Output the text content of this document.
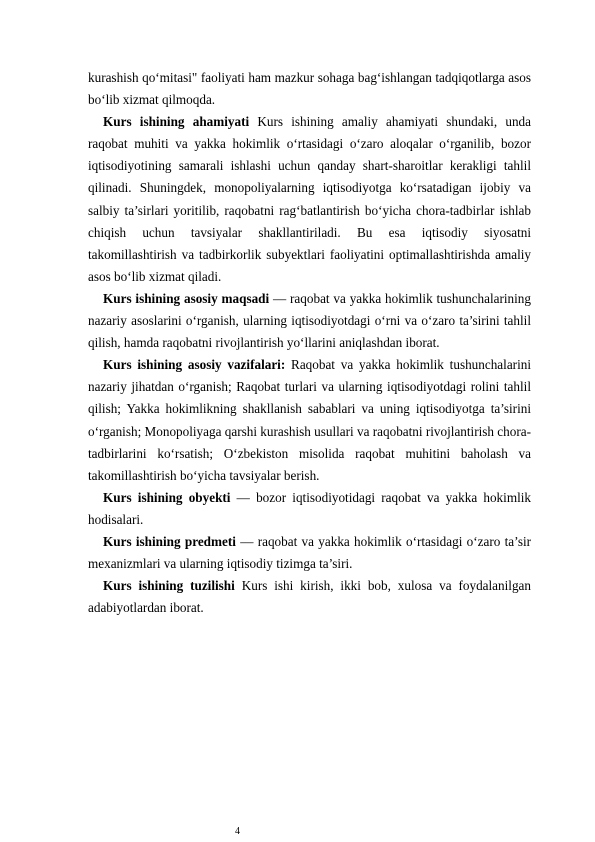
kurashish qo‘mitasi" faoliyati ham mazkur sohaga bag‘ishlangan tadqiqotlarga asos bo‘lib xizmat qilmoqda.

Kurs ishining ahamiyati Kurs ishining amaliy ahamiyati shundaki, unda raqobat muhiti va yakka hokimlik o‘rtasidagi o‘zaro aloqalar o‘rganilib, bozor iqtisodiyotining samarali ishlashi uchun qanday shart-sharoitlar kerakligi tahlil qilinadi. Shuningdek, monopoliyalarning iqtisodiyotga ko‘rsatadigan ijobiy va salbiy ta’sirlari yoritilib, raqobatni rag‘batlantirish bo‘yicha chora-tadbirlar ishlab chiqish uchun tavsiyalar shakllantiriladi. Bu esa iqtisodiy siyosatni takomillashtirish va tadbirkorlik subyektlari faoliyatini optimallashtirishda amaliy asos bo‘lib xizmat qiladi.

Kurs ishining asosiy maqsadi — raqobat va yakka hokimlik tushunchalarining nazariy asoslarini o‘rganish, ularning iqtisodiyotdagi o‘rni va o‘zaro ta’sirini tahlil qilish, hamda raqobatni rivojlantirish yo‘llarini aniqlashdan iborat.

Kurs ishining asosiy vazifalari: Raqobat va yakka hokimlik tushunchalarini nazariy jihatdan o‘rganish; Raqobat turlari va ularning iqtisodiyotdagi rolini tahlil qilish; Yakka hokimlikning shakllanish sabablari va uning iqtisodiyotga ta’sirini o‘rganish; Monopoliyaga qarshi kurashish usullari va raqobatni rivojlantirish chora-tadbirlarini ko‘rsatish; O‘zbekiston misolida raqobat muhitini baholash va takomillashtirish bo‘yicha tavsiyalar berish.

Kurs ishining obyekti — bozor iqtisodiyotidagi raqobat va yakka hokimlik hodisalari.

Kurs ishining predmeti — raqobat va yakka hokimlik o‘rtasidagi o‘zaro ta’sir mexanizmlari va ularning iqtisodiy tizimga ta’siri.

Kurs ishining tuzilishi Kurs ishi kirish, ikki bob, xulosa va foydalanilgan adabiyotlardan iborat.

4
